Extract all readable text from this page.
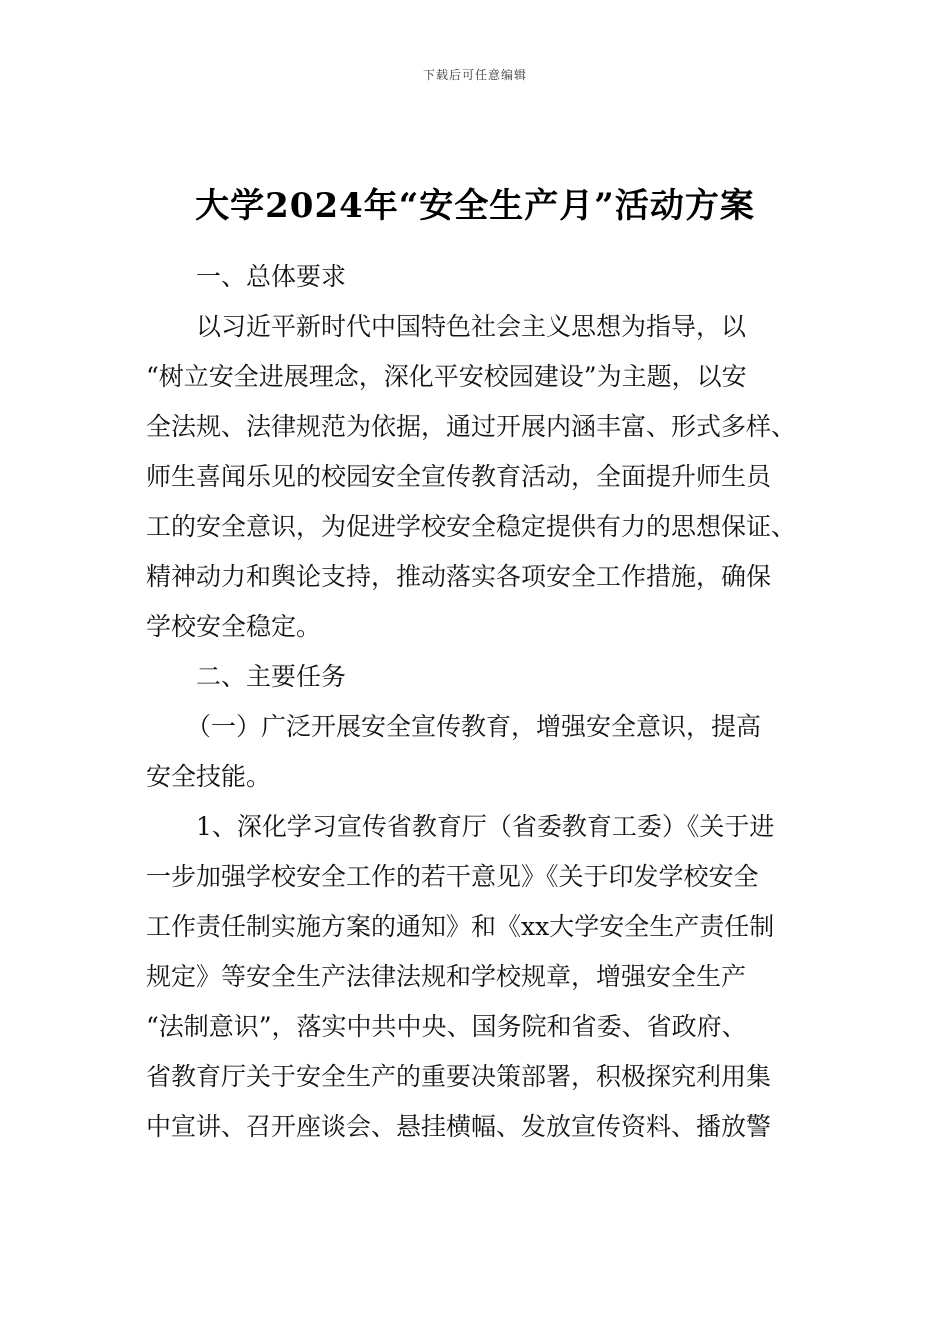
下载后可任意编辑
大学2024年“安全生产月”活动方案
一、总体要求
以习近平新时代中国特色社会主义思想为指导，以
“树立安全进展理念，深化平安校园建设”为主题，以安
全法规、法律规范为依据，通过开展内涵丰富、形式多样、
师生喜闻乐见的校园安全宣传教育活动，全面提升师生员
工的安全意识，为促进学校安全稳定提供有力的思想保证、
精神动力和舆论支持，推动落实各项安全工作措施，确保
学校安全稳定。
二、主要任务
（一）广泛开展安全宣传教育，增强安全意识，提高
安全技能。
1、深化学习宣传省教育厅（省委教育工委）《关于进
一步加强学校安全工作的若干意见》《关于印发学校安全
工作责任制实施方案的通知》和《xx大学安全生产责任制
规定》等安全生产法律法规和学校规章，增强安全生产
“法制意识”，落实中共中央、国务院和省委、省政府、
省教育厅关于安全生产的重要决策部署，积极探究利用集
中宣讲、召开座谈会、悬挂横幅、发放宣传资料、播放警
